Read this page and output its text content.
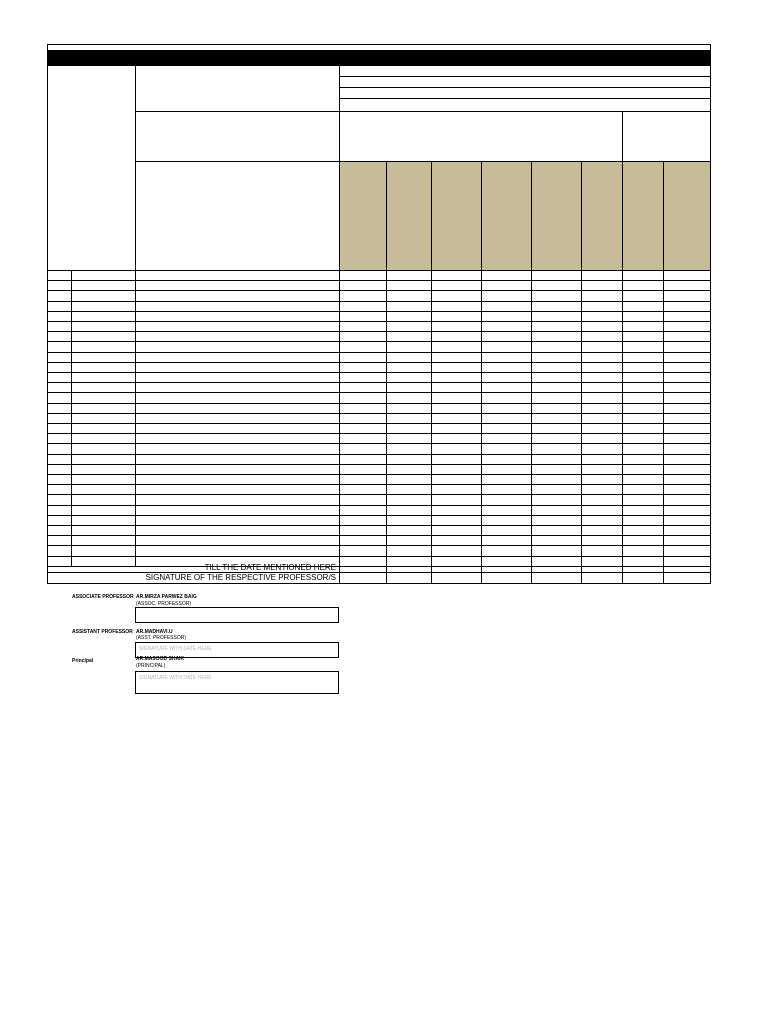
TILL THE DATE MENTIONED HERE
SIGNATURE OF THE RESPECTIVE PROFESSOR/S
ASSOCIATE PROFESSOR AR.MIRZA PARWEZ BAIG
(ASSOC. PROFESSOR)
ASSISTANT PROFESSOR AR.MADHAVI.U
(ASST. PROFESSOR)
SIGNATURE WITH DATE HERE
Principal	AR.MASOOD SHAIK
(PRINCIPAL)
SIGNATURE WITH DATE HERE
